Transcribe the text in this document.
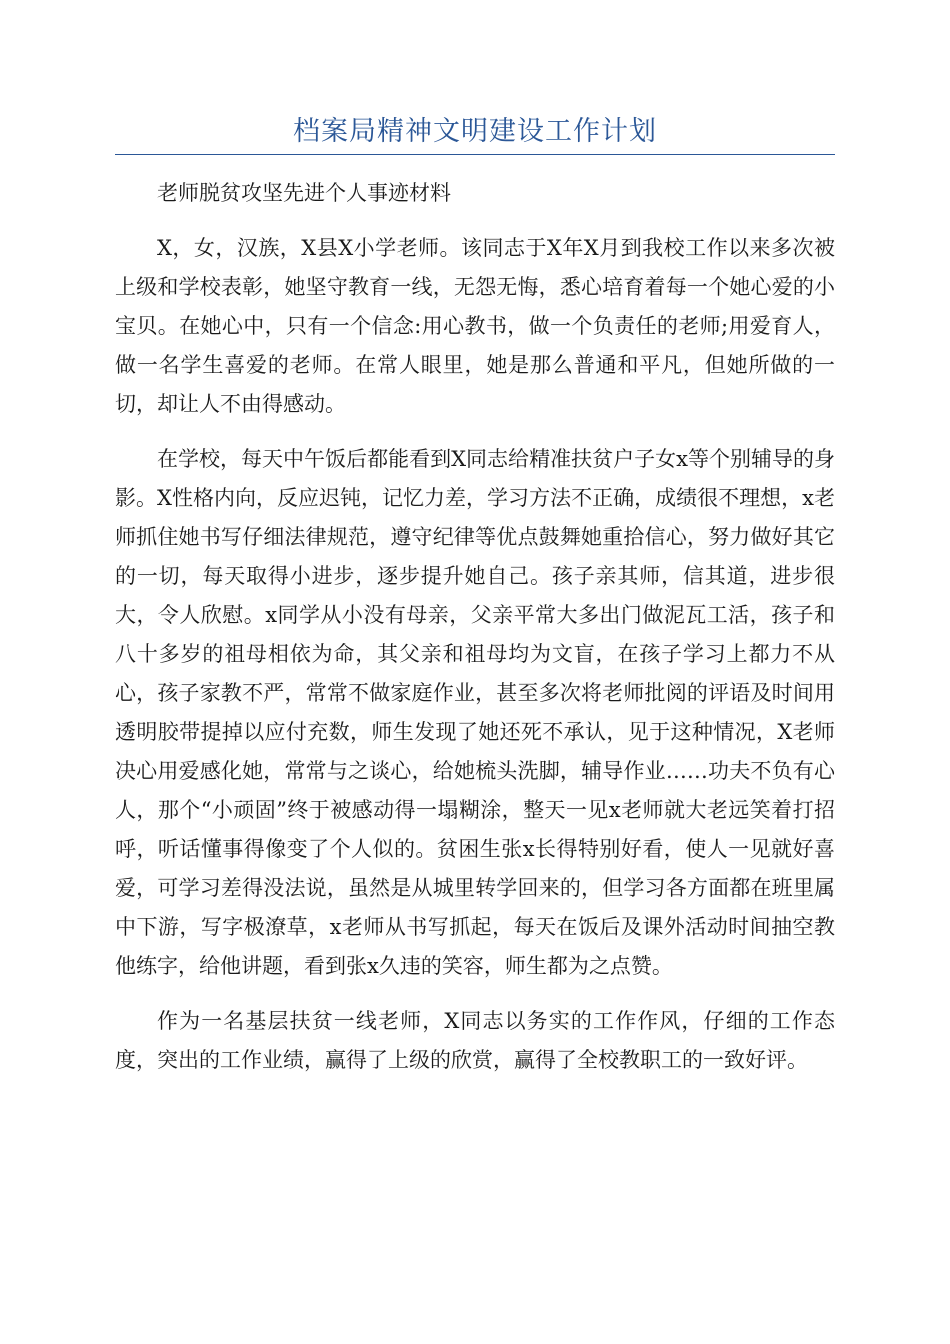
档案局精神文明建设工作计划

老师脱贫攻坚先进个人事迹材料

X，女，汉族，X县X小学老师。该同志于X年X月到我校工作以来多次被上级和学校表彰，她坚守教育一线，无怨无悔，悉心培育着每一个她心爱的小宝贝。在她心中，只有一个信念:用心教书，做一个负责任的老师;用爱育人，做一名学生喜爱的老师。在常人眼里，她是那么普通和平凡，但她所做的一切，却让人不由得感动。

在学校，每天中午饭后都能看到X同志给精准扶贫户子女x等个别辅导的身影。X性格内向，反应迟钝，记忆力差，学习方法不正确，成绩很不理想，x老师抓住她书写仔细法律规范，遵守纪律等优点鼓舞她重拾信心，努力做好其它的一切，每天取得小进步，逐步提升她自己。孩子亲其师，信其道，进步很大，令人欣慰。x同学从小没有母亲，父亲平常大多出门做泥瓦工活，孩子和八十多岁的祖母相依为命，其父亲和祖母均为文盲，在孩子学习上都力不从心，孩子家教不严，常常不做家庭作业，甚至多次将老师批阅的评语及时间用透明胶带提掉以应付充数，师生发现了她还死不承认，见于这种情况，X老师决心用爱感化她，常常与之谈心，给她梳头洗脚，辅导作业……功夫不负有心人，那个“小顽固”终于被感动得一塌糊涂，整天一见x老师就大老远笑着打招呼，听话懂事得像变了个人似的。贫困生张x长得特别好看，使人一见就好喜爱，可学习差得没法说，虽然是从城里转学回来的，但学习各方面都在班里属中下游，写字极潦草，x老师从书写抓起，每天在饭后及课外活动时间抽空教他练字，给他讲题，看到张x久违的笑容，师生都为之点赞。

作为一名基层扶贫一线老师，X同志以务实的工作作风，仔细的工作态度，突出的工作业绩，赢得了上级的欣赏，赢得了全校教职工的一致好评。
